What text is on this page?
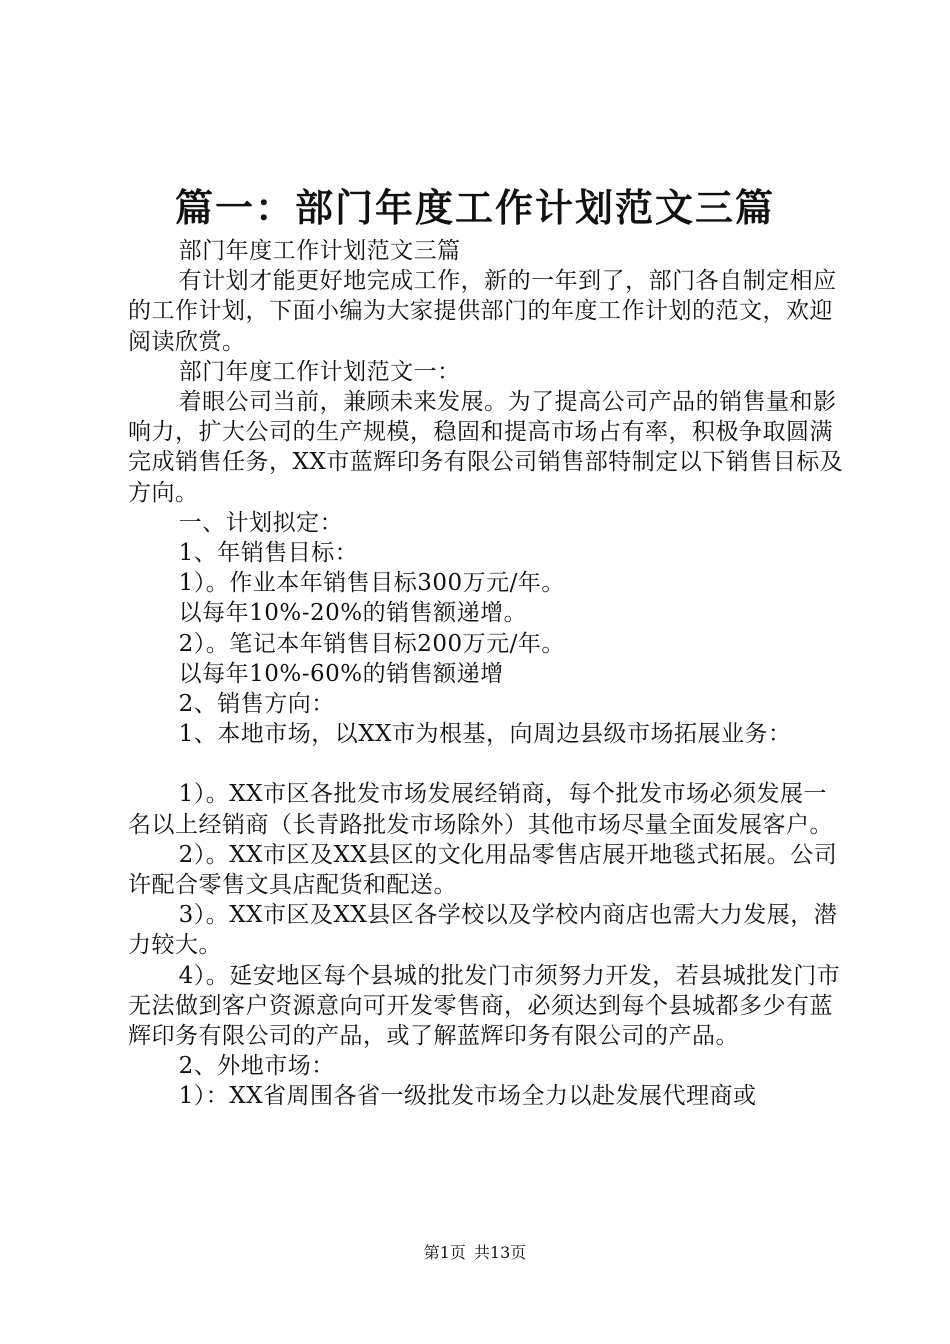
篇一：部门年度工作计划范文三篇

部门年度工作计划范文三篇

有计划才能更好地完成工作，新的一年到了，部门各自制定相应的工作计划，下面小编为大家提供部门的年度工作计划的范文，欢迎阅读欣赏。

部门年度工作计划范文一：

着眼公司当前，兼顾未来发展。为了提高公司产品的销售量和影响力，扩大公司的生产规模，稳固和提高市场占有率，积极争取圆满完成销售任务，XX市蓝辉印务有限公司销售部特制定以下销售目标及方向。

一、计划拟定：

1、年销售目标：

1）。作业本年销售目标300万元/年。

以每年10%-20%的销售额递增。

2）。笔记本年销售目标200万元/年。

以每年10%-60%的销售额递增

2、销售方向：

1、本地市场，以XX市为根基，向周边县级市场拓展业务：

1）。XX市区各批发市场发展经销商，每个批发市场必须发展一名以上经销商（长青路批发市场除外）其他市场尽量全面发展客户。

2）。XX市区及XX县区的文化用品零售店展开地毯式拓展。公司许配合零售文具店配货和配送。

3）。XX市区及XX县区各学校以及学校内商店也需大力发展，潜力较大。

4）。延安地区每个县城的批发门市须努力开发，若县城批发门市无法做到客户资源意向可开发零售商，必须达到每个县城都多少有蓝辉印务有限公司的产品，或了解蓝辉印务有限公司的产品。

2、外地市场：

1）：XX省周围各省一级批发市场全力以赴发展代理商或

第1页 共13页
